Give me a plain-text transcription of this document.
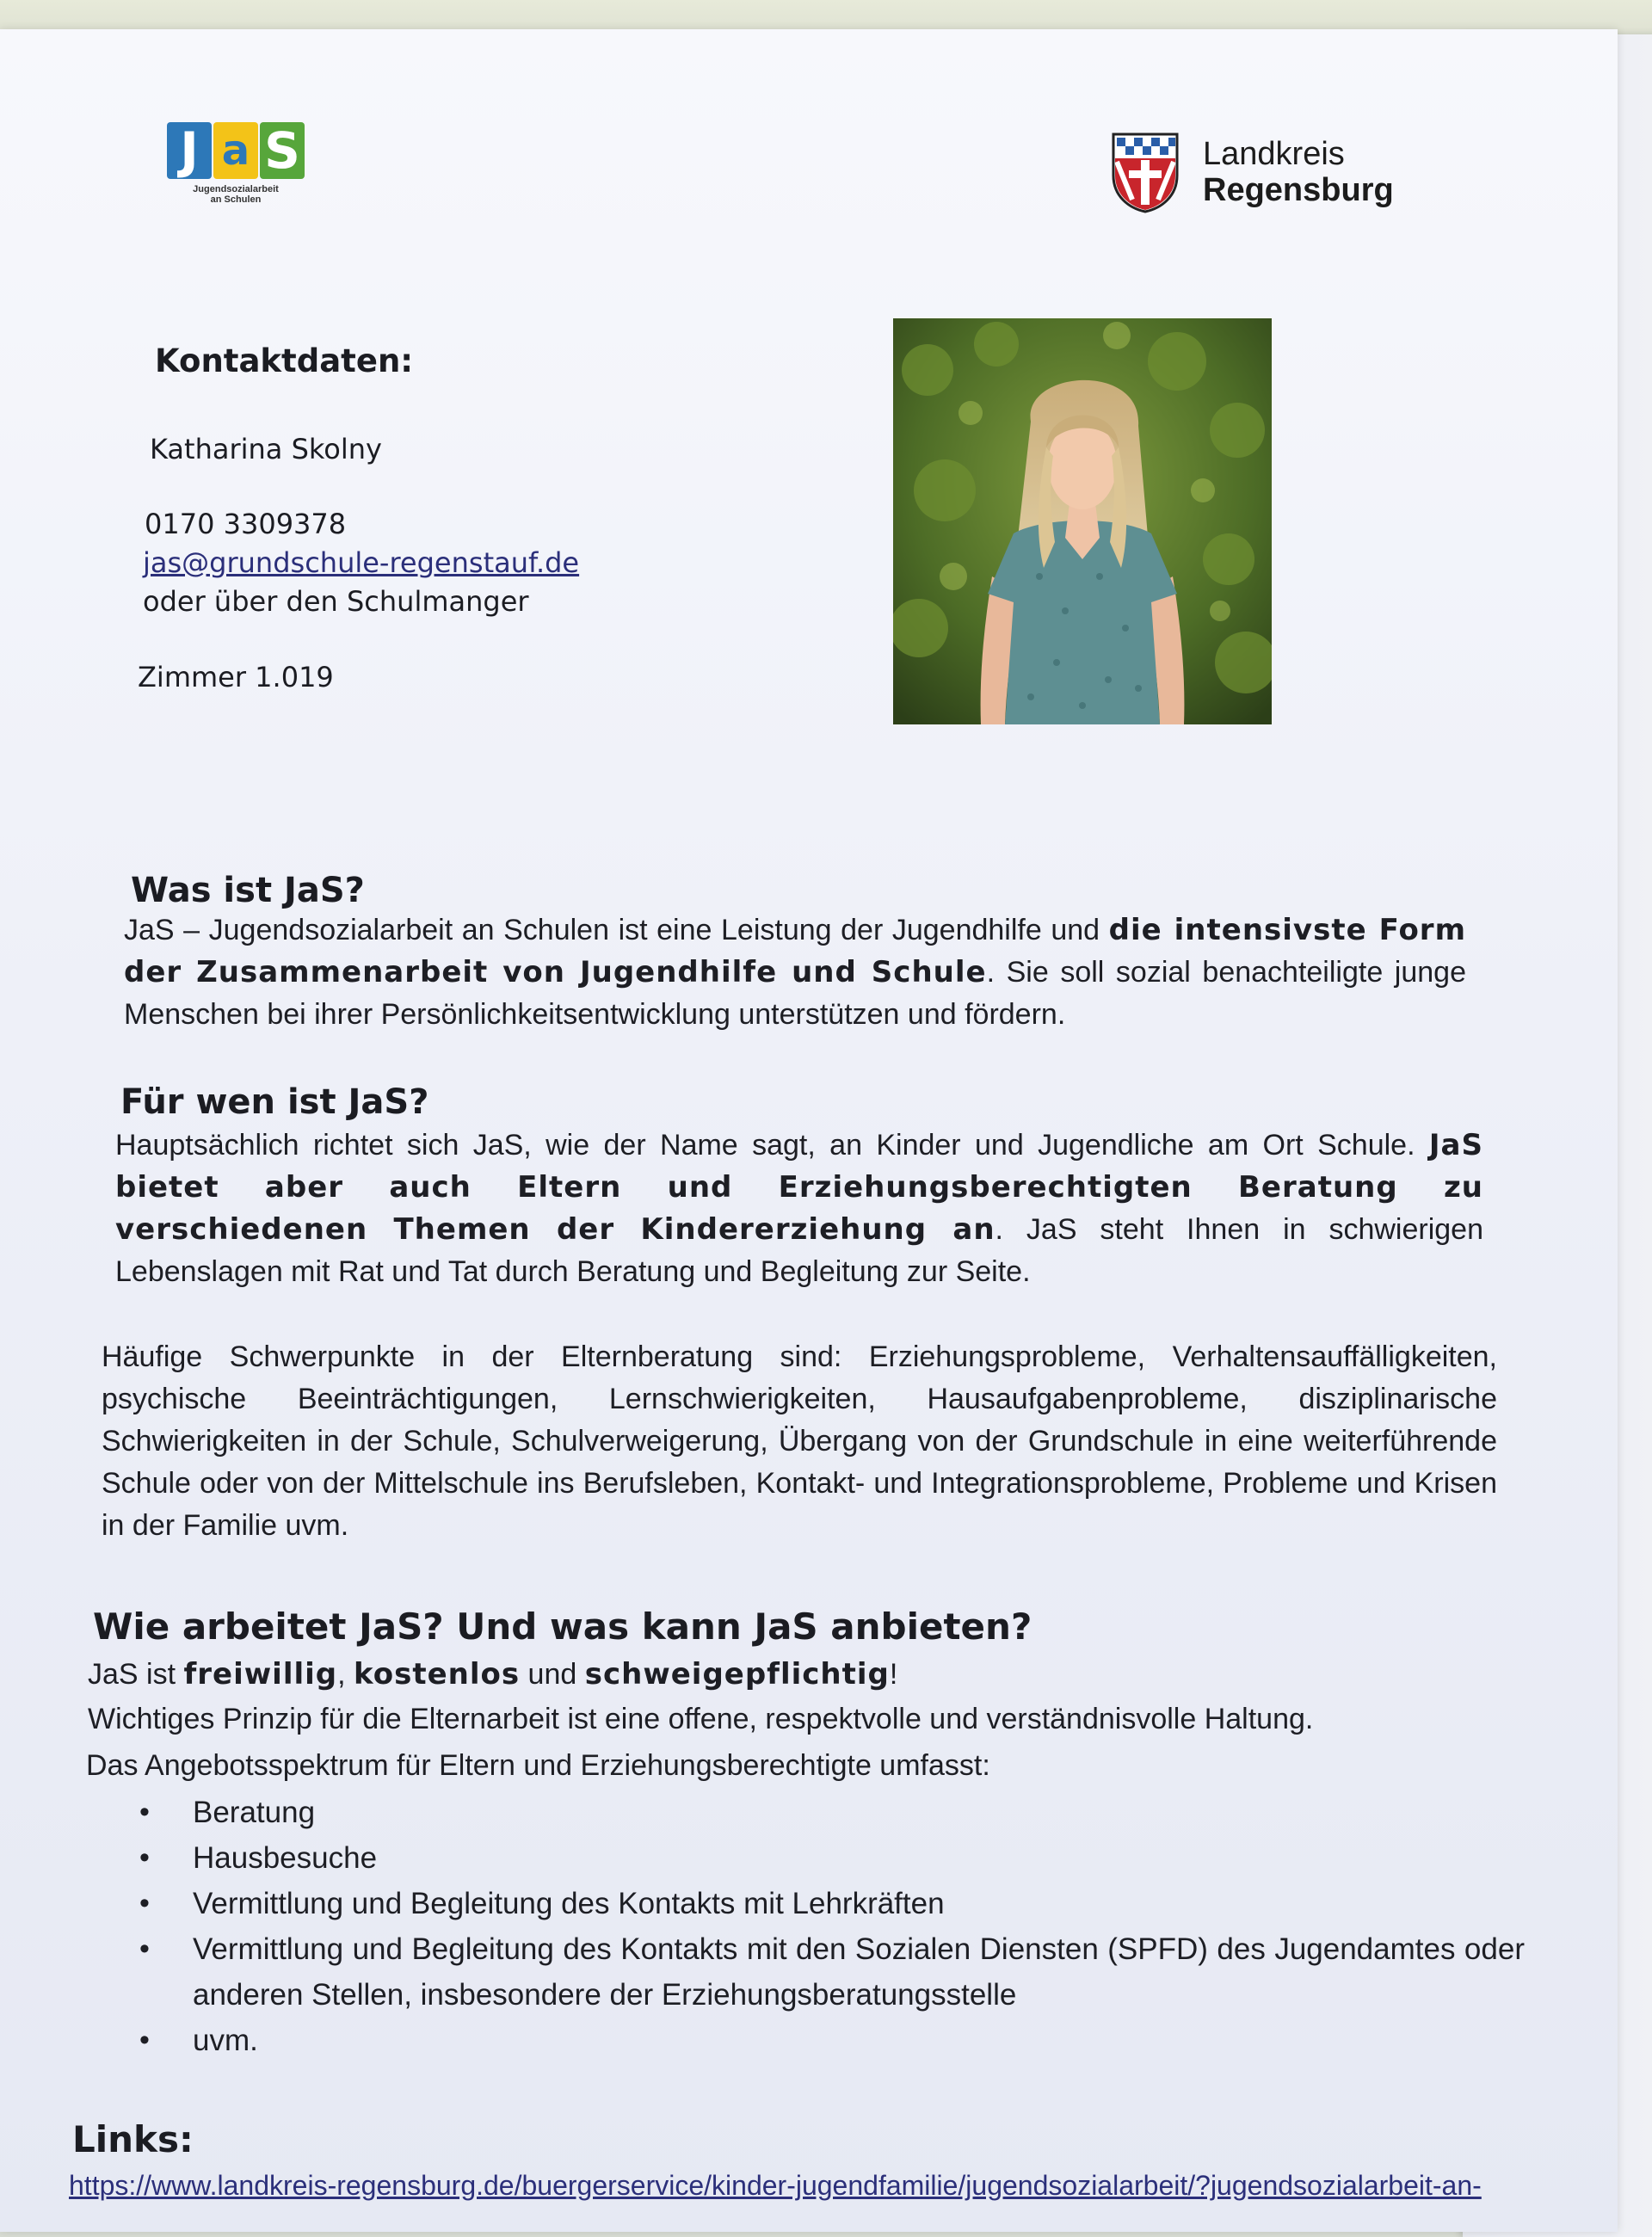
J a S
Jugendsozialarbeit
an Schulen
Landkreis
Regensburg
Kontaktdaten:
Katharina Skolny
0170 3309378
jas@grundschule-regenstauf.de
oder über den Schulmanger
Zimmer 1.019
Was ist JaS?
JaS – Jugendsozialarbeit an Schulen ist eine Leistung der Jugendhilfe und die intensivste Form der Zusammenarbeit von Jugendhilfe und Schule. Sie soll sozial benachteiligte junge Menschen bei ihrer Persönlichkeitsentwicklung unterstützen und fördern.
Für wen ist JaS?
Hauptsächlich richtet sich JaS, wie der Name sagt, an Kinder und Jugendliche am Ort Schule. JaS bietet aber auch Eltern und Erziehungsberechtigten Beratung zu verschiedenen Themen der Kindererziehung an. JaS steht Ihnen in schwierigen Lebenslagen mit Rat und Tat durch Beratung und Begleitung zur Seite.
Häufige Schwerpunkte in der Elternberatung sind: Erziehungsprobleme, Verhaltensauffälligkeiten, psychische Beeinträchtigungen, Lernschwierigkeiten, Hausaufgabenprobleme, disziplinarische Schwierigkeiten in der Schule, Schulverweigerung, Übergang von der Grundschule in eine weiterführende Schule oder von der Mittelschule ins Berufsleben, Kontakt- und Integrationsprobleme, Probleme und Krisen in der Familie uvm.
Wie arbeitet JaS? Und was kann JaS anbieten?
JaS ist freiwillig, kostenlos und schweigepflichtig!
Wichtiges Prinzip für die Elternarbeit ist eine offene, respektvolle und verständnisvolle Haltung.
Das Angebotsspektrum für Eltern und Erziehungsberechtigte umfasst:
• Beratung
• Hausbesuche
• Vermittlung und Begleitung des Kontakts mit Lehrkräften
• Vermittlung und Begleitung des Kontakts mit den Sozialen Diensten (SPFD) des Jugendamtes oder anderen Stellen, insbesondere der Erziehungsberatungsstelle
• uvm.
Links:
https://www.landkreis-regensburg.de/buergerservice/kinder-jugendfamilie/jugendsozialarbeit/?jugendsozialarbeit-an-
